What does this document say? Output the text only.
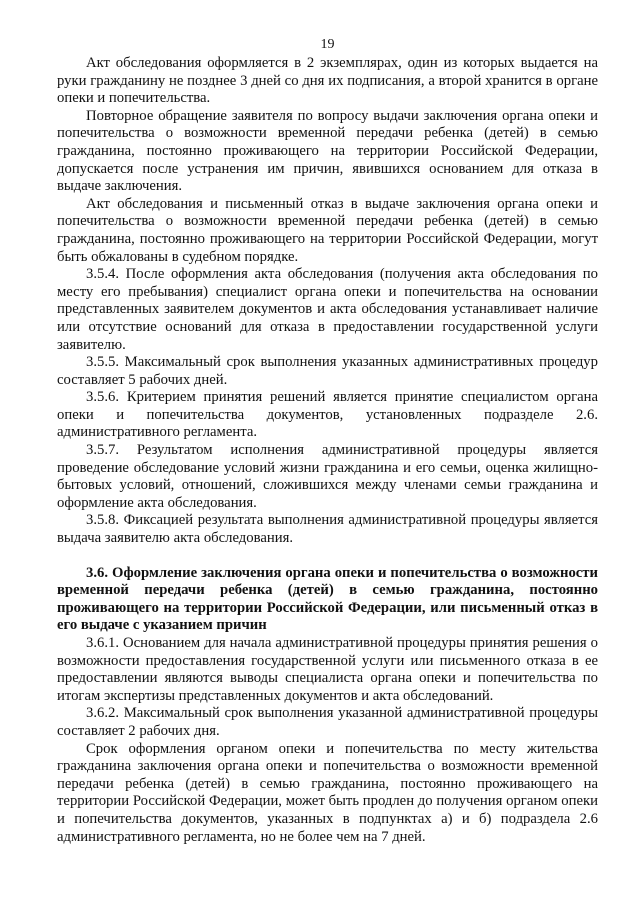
19

Акт обследования оформляется в 2 экземплярах, один из которых выдается на руки гражданину не позднее 3 дней со дня их подписания, а второй хранится в органе опеки и попечительства.

Повторное обращение заявителя по вопросу выдачи заключения органа опеки и попечительства о возможности временной передачи ребенка (детей) в семью гражданина, постоянно проживающего на территории Российской Федерации, допускается после устранения им причин, явившихся основанием для отказа в выдаче заключения.

Акт обследования и письменный отказ в выдаче заключения органа опеки и попечительства о возможности временной передачи ребенка (детей) в семью гражданина, постоянно проживающего на территории Российской Федерации, могут быть обжалованы в судебном порядке.

3.5.4. После оформления акта обследования (получения акта обследования по месту его пребывания) специалист органа опеки и попечительства на основании представленных заявителем документов и акта обследования устанавливает наличие или отсутствие оснований для отказа в предоставлении государственной услуги заявителю.

3.5.5. Максимальный срок выполнения указанных административных процедур составляет 5 рабочих дней.

3.5.6. Критерием принятия решений является принятие специалистом органа опеки и попечительства документов, установленных подразделе 2.6. административного регламента.

3.5.7. Результатом исполнения административной процедуры является проведение обследование условий жизни гражданина и его семьи, оценка жилищно-бытовых условий, отношений, сложившихся между членами семьи гражданина и оформление акта обследования.

3.5.8. Фиксацией результата выполнения административной процедуры является выдача заявителю акта обследования.

3.6. Оформление заключения органа опеки и попечительства о возможности временной передачи ребенка (детей) в семью гражданина, постоянно проживающего на территории Российской Федерации, или письменный отказ в его выдаче с указанием причин

3.6.1. Основанием для начала административной процедуры принятия решения о возможности предоставления государственной услуги или письменного отказа в ее предоставлении являются выводы специалиста органа опеки и попечительства по итогам экспертизы представленных документов и акта обследований.

3.6.2. Максимальный срок выполнения указанной административной процедуры составляет 2 рабочих дня.

Срок оформления органом опеки и попечительства по месту жительства гражданина заключения органа опеки и попечительства о возможности временной передачи ребенка (детей) в семью гражданина, постоянно проживающего на территории Российской Федерации, может быть продлен до получения органом опеки и попечительства документов, указанных в подпунктах а) и б) подраздела 2.6 административного регламента, но не более чем на 7 дней.
